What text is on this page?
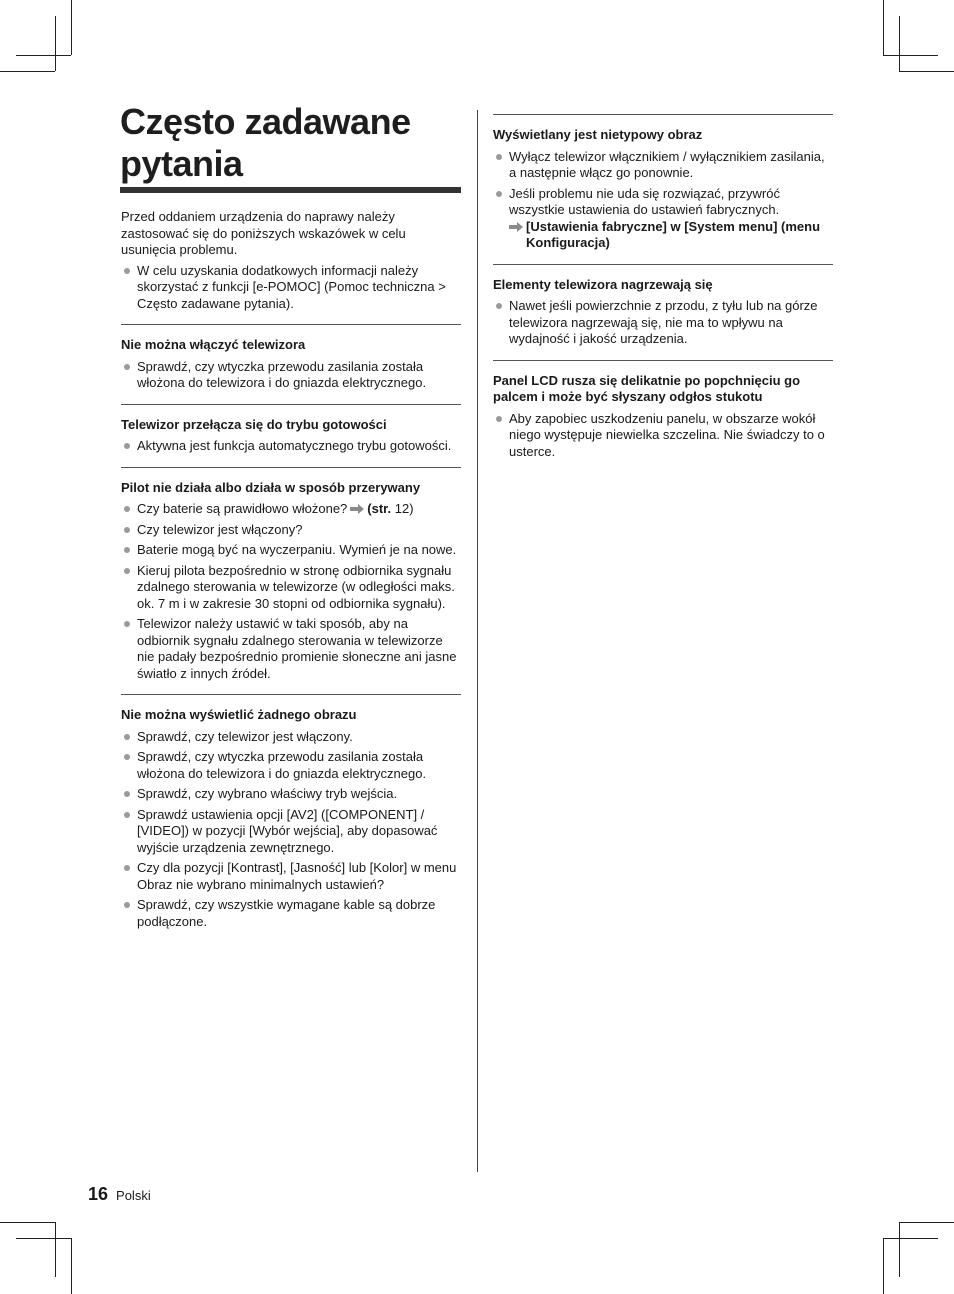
Często zadawane
pytania

Przed oddaniem urządzenia do naprawy należy zastosować się do poniższych wskazówek w celu usunięcia problemu.

W celu uzyskania dodatkowych informacji należy skorzystać z funkcji [e-POMOC] (Pomoc techniczna > Często zadawane pytania).

Nie można włączyć telewizora

Sprawdź, czy wtyczka przewodu zasilania została włożona do telewizora i do gniazda elektrycznego.

Telewizor przełącza się do trybu gotowości

Aktywna jest funkcja automatycznego trybu gotowości.

Pilot nie działa albo działa w sposób przerywany

Czy baterie są prawidłowo włożone? (str. 12)
Czy telewizor jest włączony?
Baterie mogą być na wyczerpaniu. Wymień je na nowe.
Kieruj pilota bezpośrednio w stronę odbiornika sygnału zdalnego sterowania w telewizorze (w odległości maks. ok. 7 m i w zakresie 30 stopni od odbiornika sygnału).
Telewizor należy ustawić w taki sposób, aby na odbiornik sygnału zdalnego sterowania w telewizorze nie padały bezpośrednio promienie słoneczne ani jasne światło z innych źródeł.

Nie można wyświetlić żadnego obrazu

Sprawdź, czy telewizor jest włączony.
Sprawdź, czy wtyczka przewodu zasilania została włożona do telewizora i do gniazda elektrycznego.
Sprawdź, czy wybrano właściwy tryb wejścia.
Sprawdź ustawienia opcji [AV2] ([COMPONENT] / [VIDEO]) w pozycji [Wybór wejścia], aby dopasować wyjście urządzenia zewnętrznego.
Czy dla pozycji [Kontrast], [Jasność] lub [Kolor] w menu Obraz nie wybrano minimalnych ustawień?
Sprawdź, czy wszystkie wymagane kable są dobrze podłączone.

Wyświetlany jest nietypowy obraz

Wyłącz telewizor włącznikiem / wyłącznikiem zasilania, a następnie włącz go ponownie.
Jeśli problemu nie uda się rozwiązać, przywróć wszystkie ustawienia do ustawień fabrycznych.
[Ustawienia fabryczne] w [System menu] (menu Konfiguracja)

Elementy telewizora nagrzewają się

Nawet jeśli powierzchnie z przodu, z tyłu lub na górze telewizora nagrzewają się, nie ma to wpływu na wydajność i jakość urządzenia.

Panel LCD rusza się delikatnie po popchnięciu go palcem i może być słyszany odgłos stukotu

Aby zapobiec uszkodzeniu panelu, w obszarze wokół niego występuje niewielka szczelina. Nie świadczy to o usterce.
16 Polski
